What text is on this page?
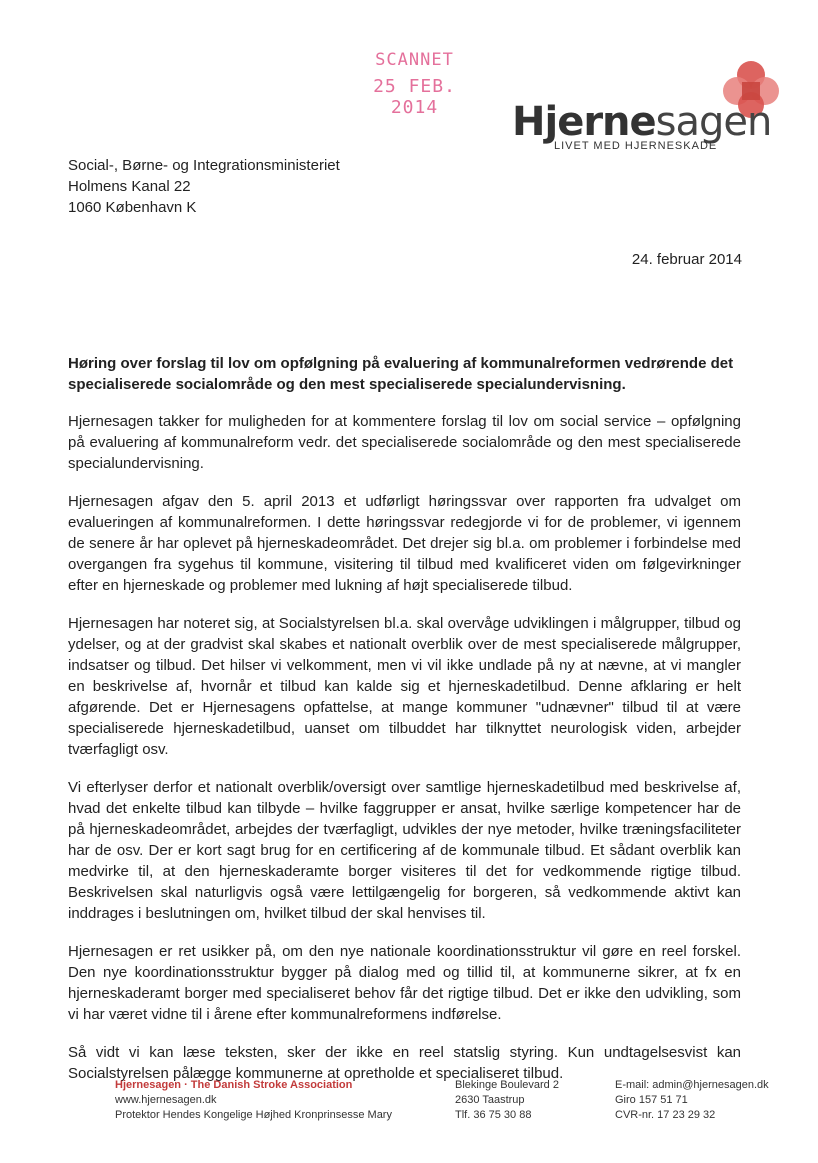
SCANNET
25 FEB. 2014	Hjernesagen
LIVET MED HJERNESKADE
Social-, Børne- og Integrationsministeriet
Holmens Kanal 22
1060 København K
24. februar 2014

Høring over forslag til lov om opfølgning på evaluering af kommunalreformen vedrørende det specialiserede socialområde og den mest specialiserede specialundervisning.

Hjernesagen takker for muligheden for at kommentere forslag til lov om social service – opfølgning på evaluering af kommunalreform vedr. det specialiserede socialområde og den mest specialiserede specialundervisning.

Hjernesagen afgav den 5. april 2013 et udførligt høringssvar over rapporten fra udvalget om evalueringen af kommunalreformen. I dette høringssvar redegjorde vi for de problemer, vi igennem de senere år har oplevet på hjerneskadeområdet. Det drejer sig bl.a. om problemer i forbindelse med overgangen fra sygehus til kommune, visitering til tilbud med kvalificeret viden om følgevirkninger efter en hjerneskade og problemer med lukning af højt specialiserede tilbud.

Hjernesagen har noteret sig, at Socialstyrelsen bl.a. skal overvåge udviklingen i målgrupper, tilbud og ydelser, og at der gradvist skal skabes et nationalt overblik over de mest specialiserede målgrupper, indsatser og tilbud. Det hilser vi velkomment, men vi vil ikke undlade på ny at nævne, at vi mangler en beskrivelse af, hvornår et tilbud kan kalde sig et hjerneskadetilbud. Denne afklaring er helt afgørende. Det er Hjernesagens opfattelse, at mange kommuner "udnævner" tilbud til at være specialiserede hjerneskadetilbud, uanset om tilbuddet har tilknyttet neurologisk viden, arbejder tværfagligt osv.

Vi efterlyser derfor et nationalt overblik/oversigt over samtlige hjerneskadetilbud med beskrivelse af, hvad det enkelte tilbud kan tilbyde – hvilke faggrupper er ansat, hvilke særlige kompetencer har de på hjerneskadeområdet, arbejdes der tværfagligt, udvikles der nye metoder, hvilke træningsfaciliteter har de osv. Der er kort sagt brug for en certificering af de kommunale tilbud. Et sådant overblik kan medvirke til, at den hjerneskaderamte borger visiteres til det for vedkommende rigtige tilbud. Beskrivelsen skal naturligvis også være lettilgængelig for borgeren, så vedkommende aktivt kan inddrages i beslutningen om, hvilket tilbud der skal henvises til.

Hjernesagen er ret usikker på, om den nye nationale koordinationsstruktur vil gøre en reel forskel. Den nye koordinationsstruktur bygger på dialog med og tillid til, at kommunerne sikrer, at fx en hjerneskaderamt borger med specialiseret behov får det rigtige tilbud. Det er ikke den udvikling, som vi har været vidne til i årene efter kommunalreformens indførelse.

Så vidt vi kan læse teksten, sker der ikke en reel statslig styring. Kun undtagelsesvist kan Socialstyrelsen pålægge kommunerne at opretholde et specialiseret tilbud.

Hjernesagen · The Danish Stroke Association
www.hjernesagen.dk
Protektor Hendes Kongelige Højhed Kronprinsesse Mary
Blekinge Boulevard 2
2630 Taastrup
Tlf. 36 75 30 88
E-mail: admin@hjernesagen.dk
Giro 157 51 71
CVR-nr. 17 23 29 32
